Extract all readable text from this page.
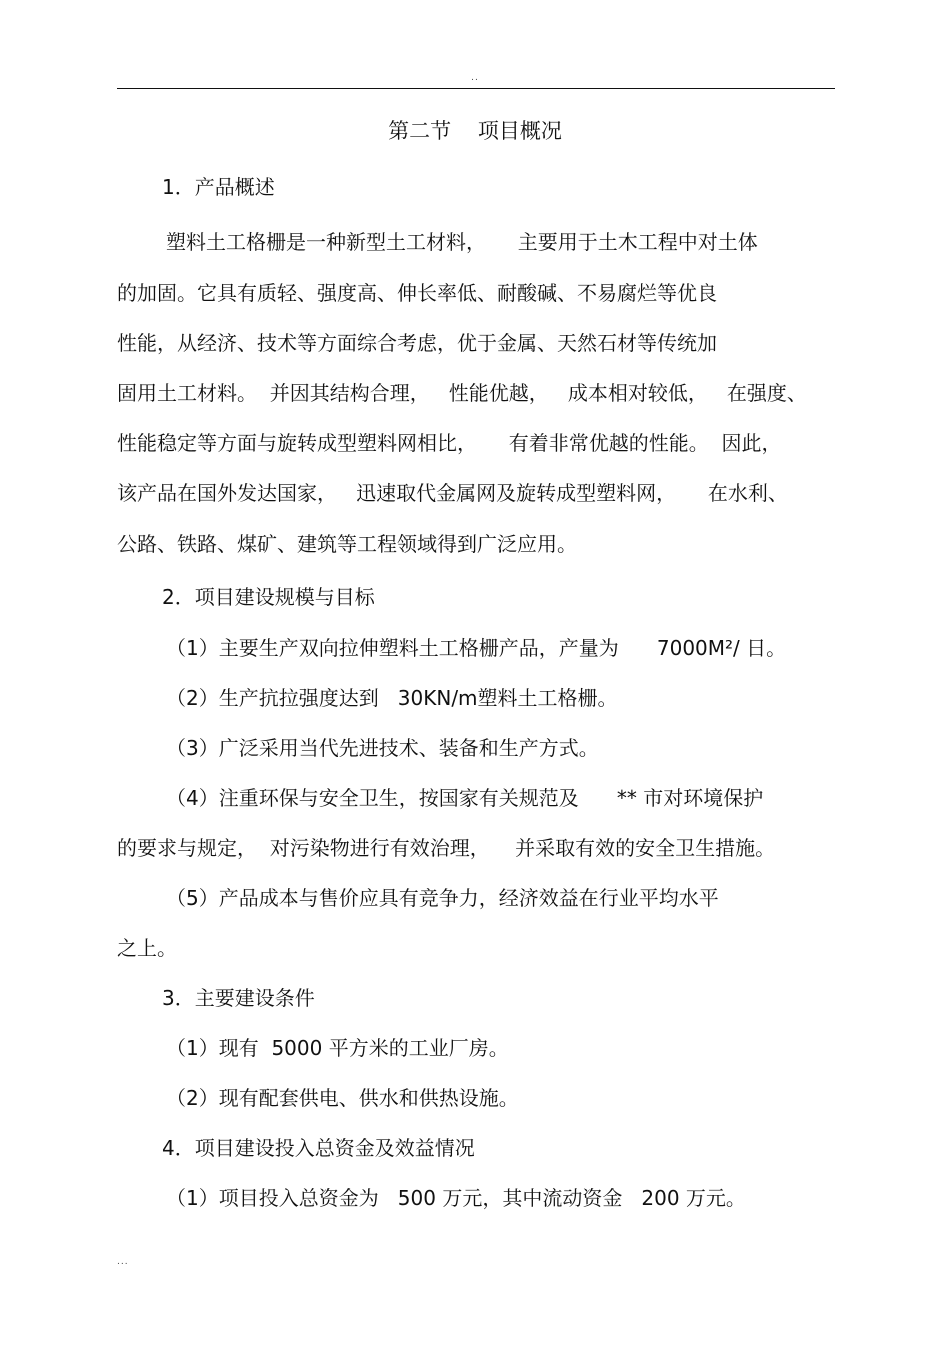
..
第二节    项目概况
1．产品概述
塑料土工格栅是一种新型土工材料，     主要用于土木工程中对土体
的加固。它具有质轻、强度高、伸长率低、耐酸碱、不易腐烂等优良
性能，从经济、技术等方面综合考虑，优于金属、天然石材等传统加
固用土工材料。  并因其结构合理，   性能优越，   成本相对较低，   在强度、
性能稳定等方面与旋转成型塑料网相比，     有着非常优越的性能。  因此，
该产品在国外发达国家，   迅速取代金属网及旋转成型塑料网，     在水利、
公路、铁路、煤矿、建筑等工程领域得到广泛应用。
2．项目建设规模与目标
（1）主要生产双向拉伸塑料土工格栅产品，产量为      7000M²/ 日。
（2）生产抗拉强度达到   30KN/m塑料土工格栅。
（3）广泛采用当代先进技术、装备和生产方式。
（4）注重环保与安全卫生，按国家有关规范及      ** 市对环境保护
的要求与规定，  对污染物进行有效治理，    并采取有效的安全卫生措施。
（5）产品成本与售价应具有竞争力，经济效益在行业平均水平
之上。
3．主要建设条件
（1）现有  5000 平方米的工业厂房。
（2）现有配套供电、供水和供热设施。
4．项目建设投入总资金及效益情况
（1）项目投入总资金为   500 万元，其中流动资金   200 万元。
...
